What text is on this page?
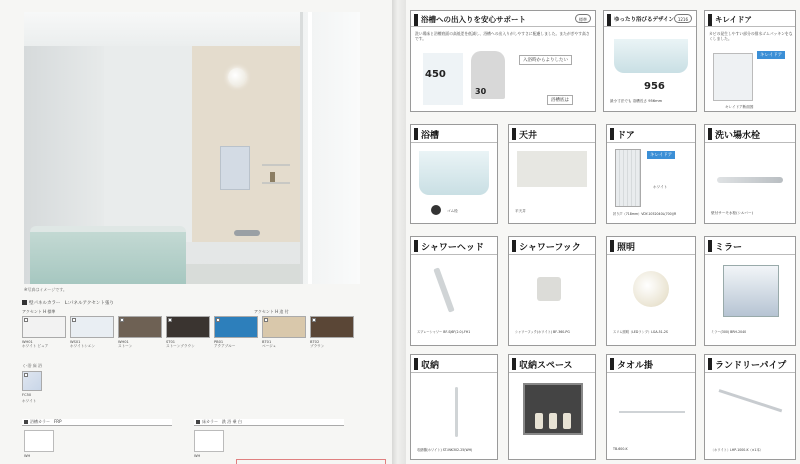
※写真はイメージです。
壁パネルカラー　L:パネルアクセント張り
アクセント H 標準	アクセント H 追 付
WH01
ホワイト ピュア
WS01
ホワイトシエン
WH01
ストーン
ST01
ストーンブラウン
PB01
アクアブルー
BT01
ベージュ
BT02
ブラウン
く-浴 床 浴
FC50
ホワイト
浴槽カラー　FRP	床カラー　鉄 浴 乗 白
WH	WH
浴槽への出入りを安心サポート	標準
洗い場床と浴槽底面の高低差を低減し、浴槽への出入りがしやすさに配慮しました。またがぎやす高さです。
450
30
入浴時からよりしたい
浴槽底は
ゆったり浴びるデザイン 1216
956
最小寸法でも 浴槽長さ 956mm
キレイドア
カビの発生しやすい部分の排水ゴムパッキンをなくしました。
キレイドア
キレイドア断面図
浴槽
ゴム栓
天井
平天井
ドア
キレイドア
ホワイト
折り戸（718mm）VDY-1052040L(700)/R
洗い場水栓
壁付サーモ水栓(シルバー)
シャワーヘッド
スプレーシャワー BF-SJ6F(2.0)-FH1
シャワーフック
シャワーフック(ホワイト) BF-360-PG
照明
スリム照明（LEDランプ）LGA-51-2S
ミラー
ミラー(300) BRH-2040
収納
収納棚(ホワイト) ST-INK302-25(WH)
収納スペース	タオル掛
TB-600-K
ランドリーパイプ
〈ホワイト〉LHP-1000-K（×1本）
